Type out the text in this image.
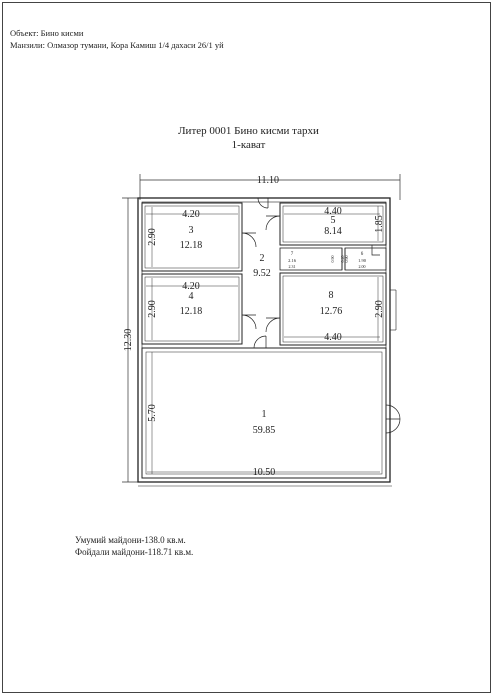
Объект: Бино кисми
Манзили: Олмазор тумани, Кора Камиш 1/4 дахаси 26/1 уй
Литер 0001 Бино кисми тархи
1-кават
11.10
12.30
4.20
2.90
4.20
2.90
4.40
1.85
4.40
2.90
10.50
5.70
2.16
2.31
0.90	1.90
2.00
0.90
0.40
3
12.18
4
12.18
2
9.52
5
8.14
7	6
8
12.76
1
59.85
Умумий майдони-138.0 кв.м.
Фойдали майдони-118.71 кв.м.
